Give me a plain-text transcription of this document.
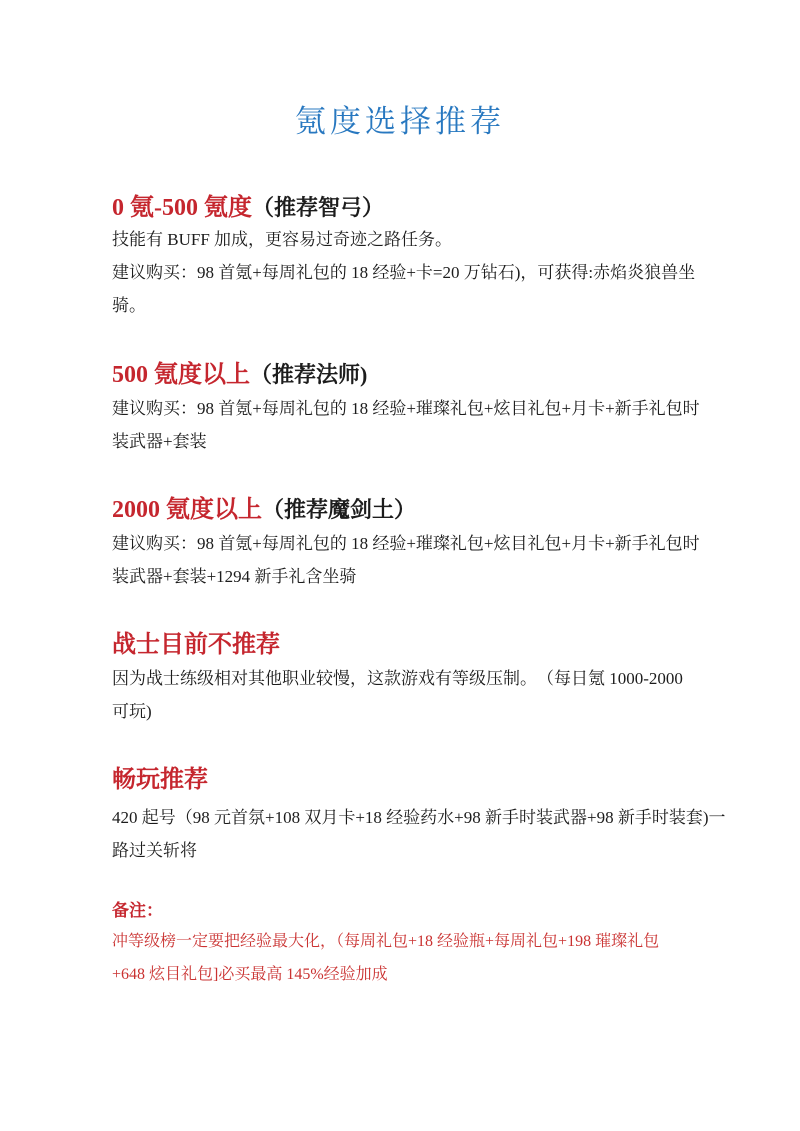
氪度选择推荐
0 氪-500 氪度（推荐智弓）
技能有 BUFF 加成，更容易过奇迹之路任务。
建议购买：98 首氪+每周礼包的 18 经验+卡=20 万钻石)，可获得:赤焰炎狼兽坐
骑。
500 氪度以上（推荐法师)
建议购买：98 首氪+每周礼包的 18 经验+璀璨礼包+炫目礼包+月卡+新手礼包时
装武器+套装
2000 氪度以上（推荐魔剑土）
建议购买：98 首氪+每周礼包的 18 经验+璀璨礼包+炫目礼包+月卡+新手礼包时
装武器+套装+1294 新手礼含坐骑
战士目前不推荐
因为战士练级相对其他职业较慢，这款游戏有等级压制。　（每日氪 1000-2000
可玩)
畅玩推荐
420 起号（98 元首氛+108 双月卡+18 经验药水+98 新手时装武器+98 新手时装套)一
路过关斩将
备注：
冲等级榜一定要把经验最大化，（每周礼包+18 经验瓶+每周礼包+198 璀璨礼包
+648 炫目礼包]必买最高 145%经验加成
